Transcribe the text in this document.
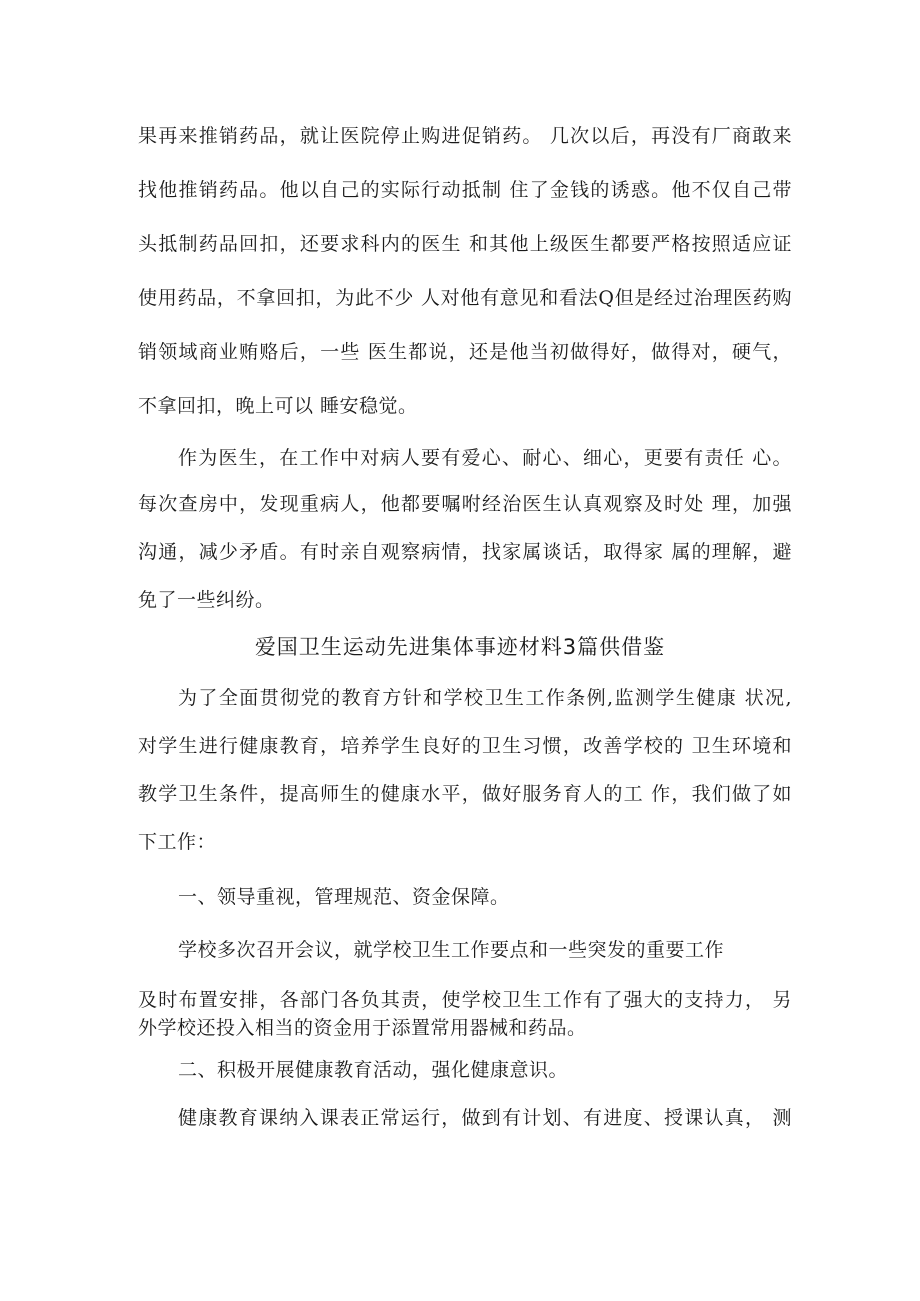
果再来推销药品，就让医院停止购进促销药。 几次以后，再没有厂商敢来
找他推销药品。他以自己的实际行动抵制 住了金钱的诱惑。他不仅自己带
头抵制药品回扣，还要求科内的医生 和其他上级医生都要严格按照适应证
使用药品，不拿回扣，为此不少 人对他有意见和看法Q但是经过治理医药购
销领域商业贿赂后，一些 医生都说，还是他当初做得好，做得对，硬气，
不拿回扣，晚上可以 睡安稳觉。
作为医生，在工作中对病人要有爱心、耐心、细心，更要有责任 心。
每次查房中，发现重病人，他都要嘱咐经治医生认真观察及时处 理，加强
沟通，减少矛盾。有时亲自观察病情，找家属谈话，取得家 属的理解，避
免了一些纠纷。
爱国卫生运动先进集体事迹材料3篇供借鉴
为了全面贯彻党的教育方针和学校卫生工作条例,监测学生健康 状况,
对学生进行健康教育，培养学生良好的卫生习惯，改善学校的 卫生环境和
教学卫生条件，提高师生的健康水平，做好服务育人的工 作，我们做了如
下工作：
一、领导重视，管理规范、资金保障。
学校多次召开会议，就学校卫生工作要点和一些突发的重要工作
及时布置安排，各部门各负其责，使学校卫生工作有了强大的支持力， 另
外学校还投入相当的资金用于添置常用器械和药品。
二、积极开展健康教育活动，强化健康意识。
健康教育课纳入课表正常运行，做到有计划、有进度、授课认真， 测
